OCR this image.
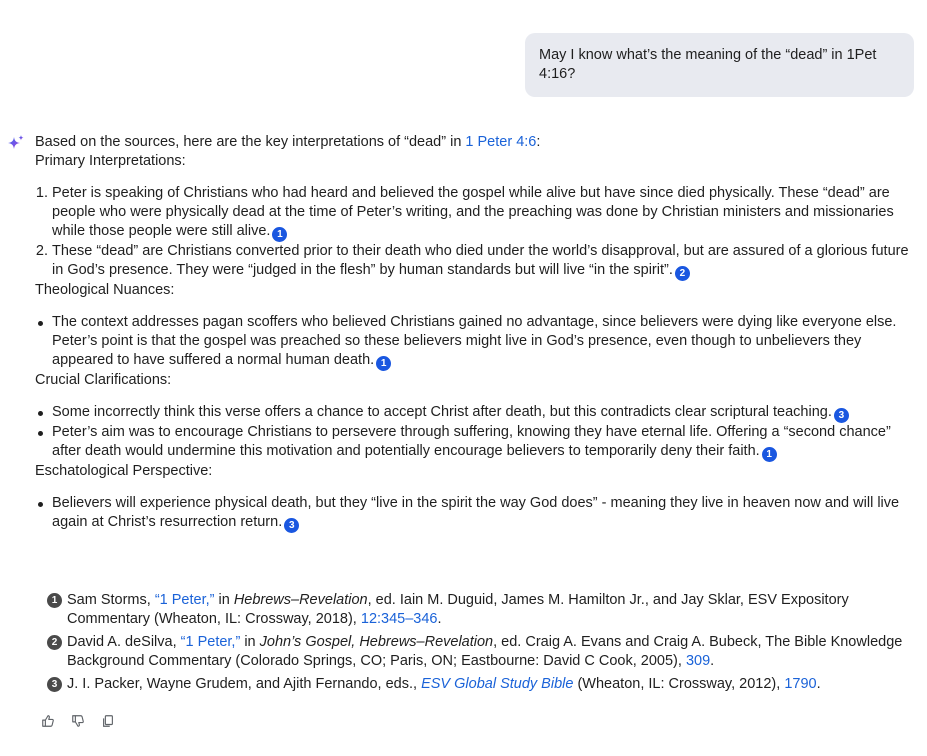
May I know what’s the meaning of the “dead” in 1Pet 4:16?

Based on the sources, here are the key interpretations of “dead” in 1 Peter 4:6:

Primary Interpretations:

1. Peter is speaking of Christians who had heard and believed the gospel while alive but have since died physically. These “dead” are people who were physically dead at the time of Peter’s writing, and the preaching was done by Christian ministers and missionaries while those people were still alive. 1
2. These “dead” are Christians converted prior to their death who died under the world’s disapproval, but are assured of a glorious future in God’s presence. They were “judged in the flesh” by human standards but will live “in the spirit”. 2

Theological Nuances:

The context addresses pagan scoffers who believed Christians gained no advantage, since believers were dying like everyone else. Peter’s point is that the gospel was preached so these believers might live in God’s presence, even though to unbelievers they appeared to have suffered a normal human death. 1

Crucial Clarifications:

Some incorrectly think this verse offers a chance to accept Christ after death, but this contradicts clear scriptural teaching. 3
Peter’s aim was to encourage Christians to persevere through suffering, knowing they have eternal life. Offering a “second chance” after death would undermine this motivation and potentially encourage believers to temporarily deny their faith. 1

Eschatological Perspective:

Believers will experience physical death, but they “live in the spirit the way God does” - meaning they live in heaven now and will live again at Christ’s resurrection return. 3
1 Sam Storms, “1 Peter,” in Hebrews–Revelation, ed. Iain M. Duguid, James M. Hamilton Jr., and Jay Sklar, ESV Expository Commentary (Wheaton, IL: Crossway, 2018), 12:345–346.
2 David A. deSilva, “1 Peter,” in John’s Gospel, Hebrews–Revelation, ed. Craig A. Evans and Craig A. Bubeck, The Bible Knowledge Background Commentary (Colorado Springs, CO; Paris, ON; Eastbourne: David C Cook, 2005), 309.
3 J. I. Packer, Wayne Grudem, and Ajith Fernando, eds., ESV Global Study Bible (Wheaton, IL: Crossway, 2012), 1790.
